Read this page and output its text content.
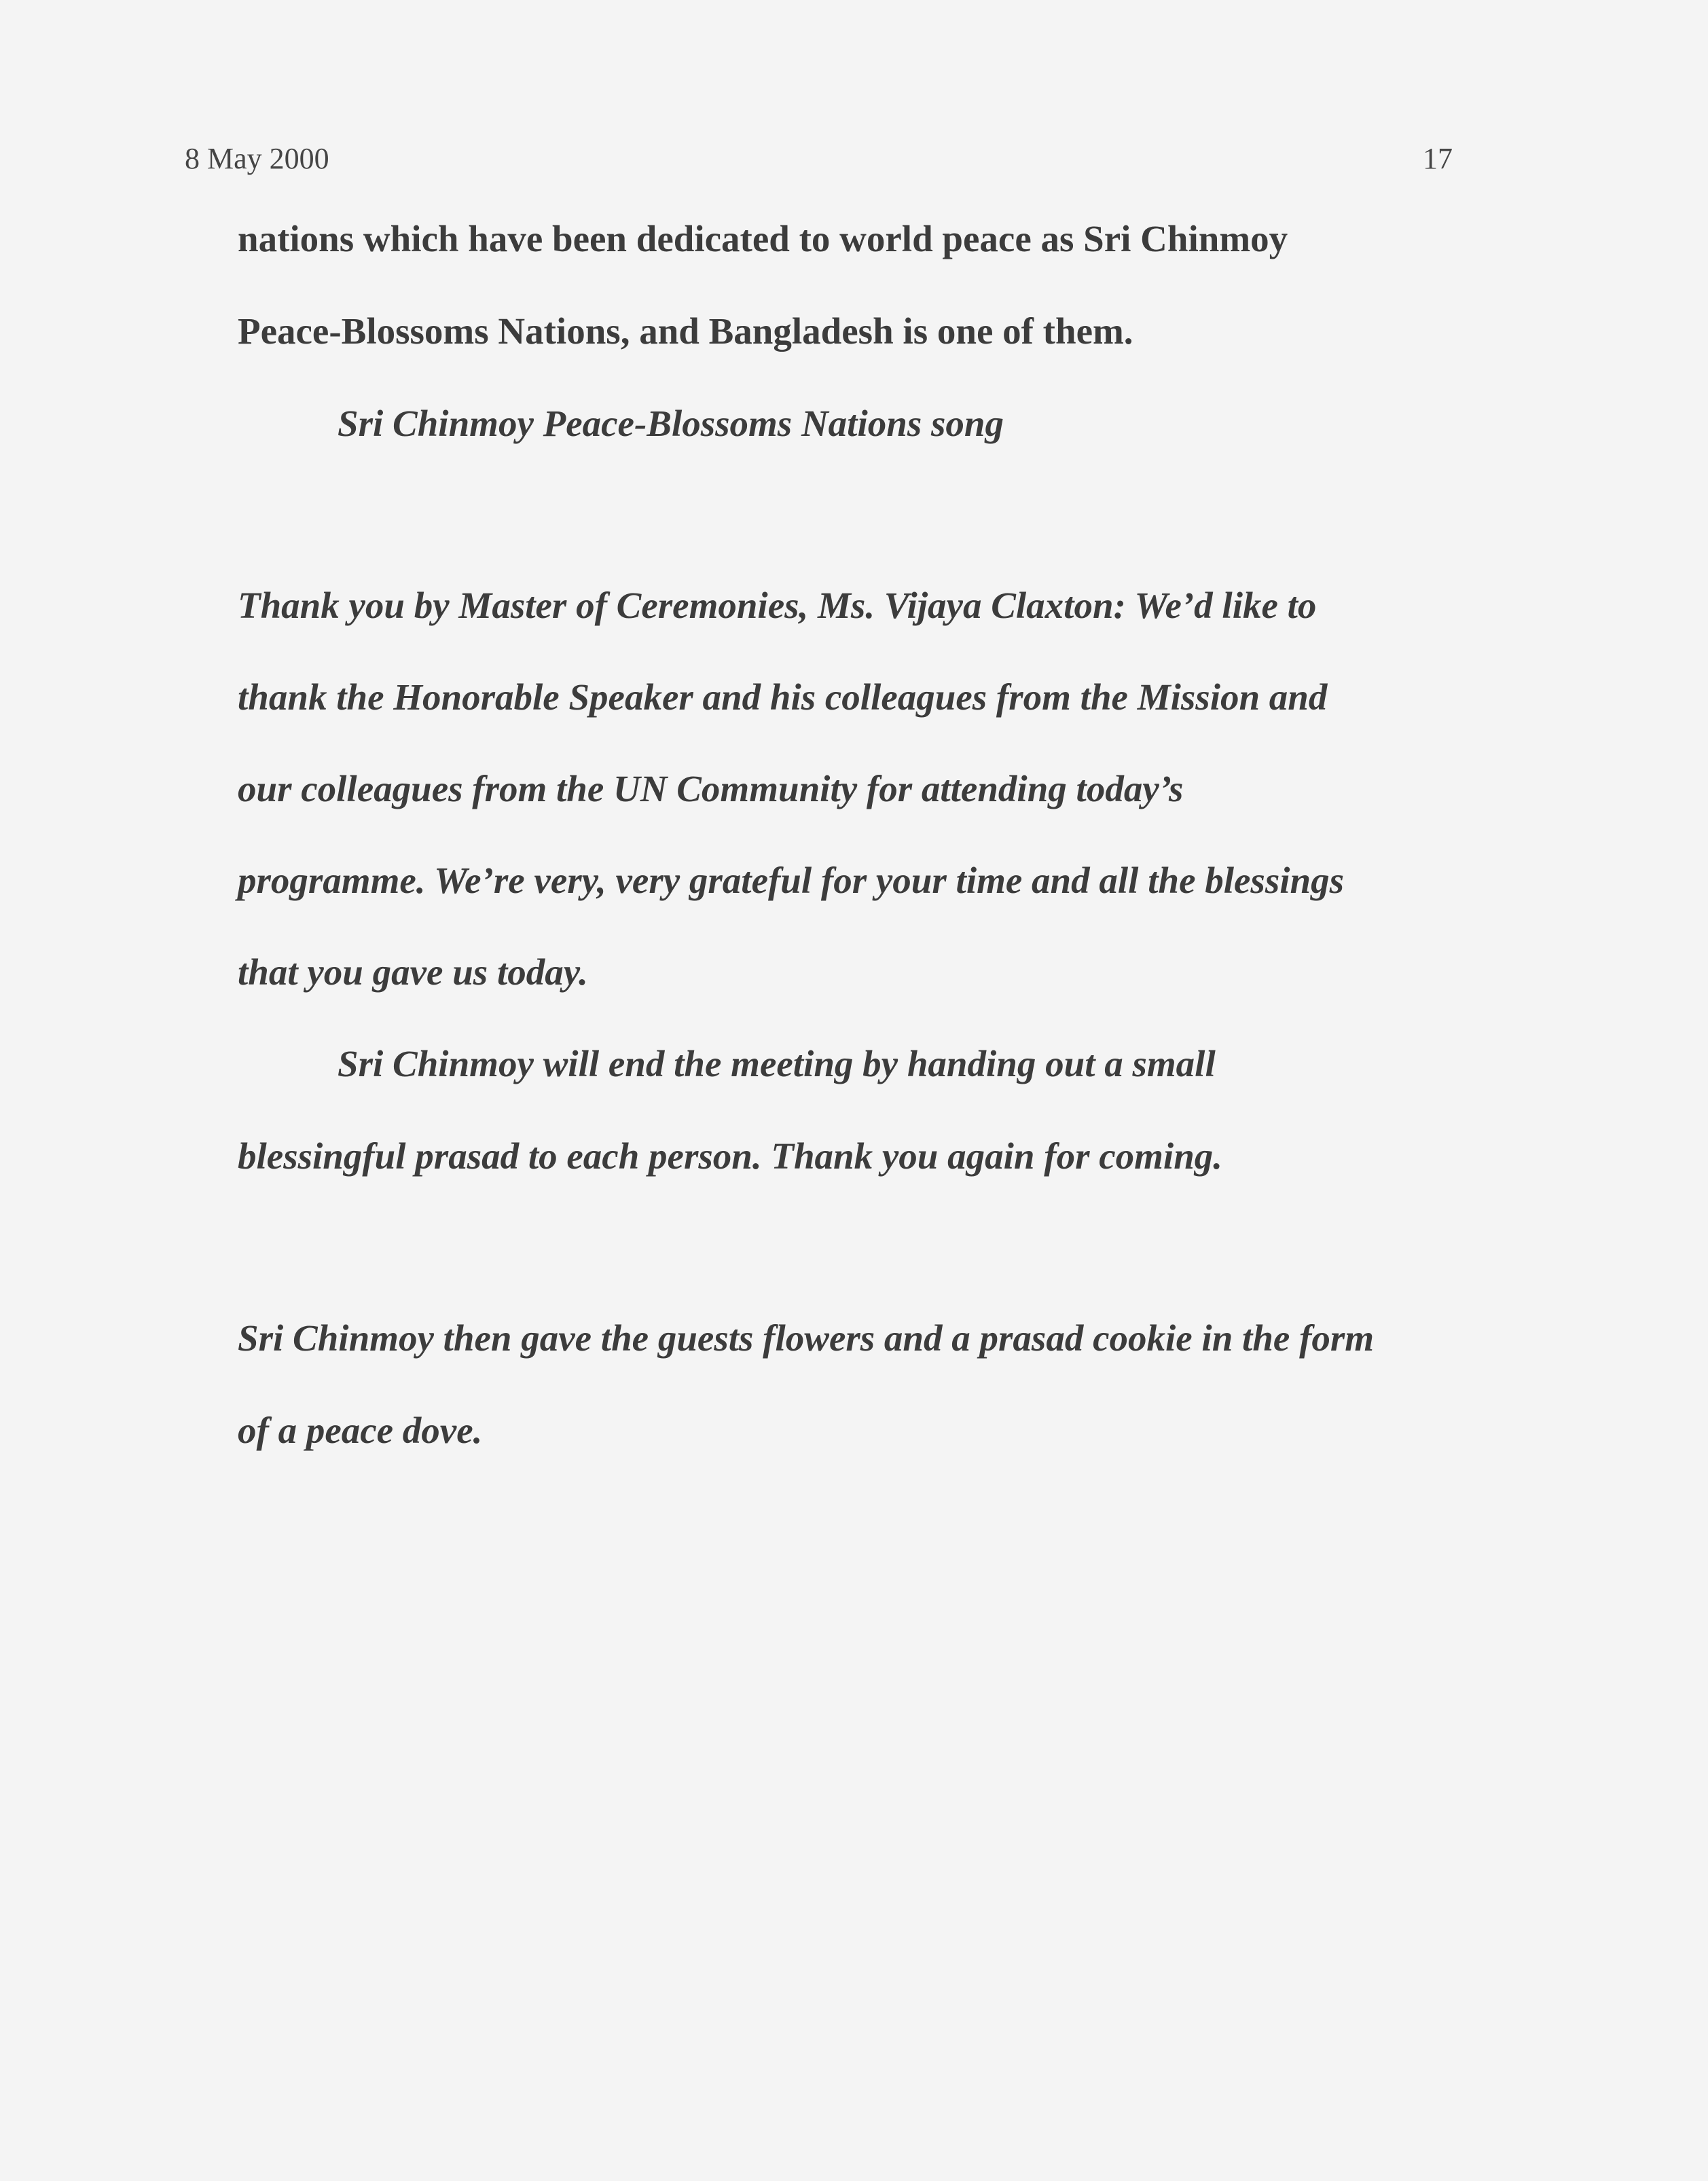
8 May 2000	17
nations which have been dedicated to world peace as Sri Chinmoy
Peace-Blossoms Nations, and Bangladesh is one of them.
Sri Chinmoy Peace-Blossoms Nations song
Thank you by Master of Ceremonies, Ms. Vijaya Claxton: We’d like to
thank the Honorable Speaker and his colleagues from the Mission and
our colleagues from the UN Community for attending today’s
programme. We’re very, very grateful for your time and all the blessings
that you gave us today.
Sri Chinmoy will end the meeting by handing out a small
blessingful prasad to each person. Thank you again for coming.
Sri Chinmoy then gave the guests flowers and a prasad cookie in the form
of a peace dove.
